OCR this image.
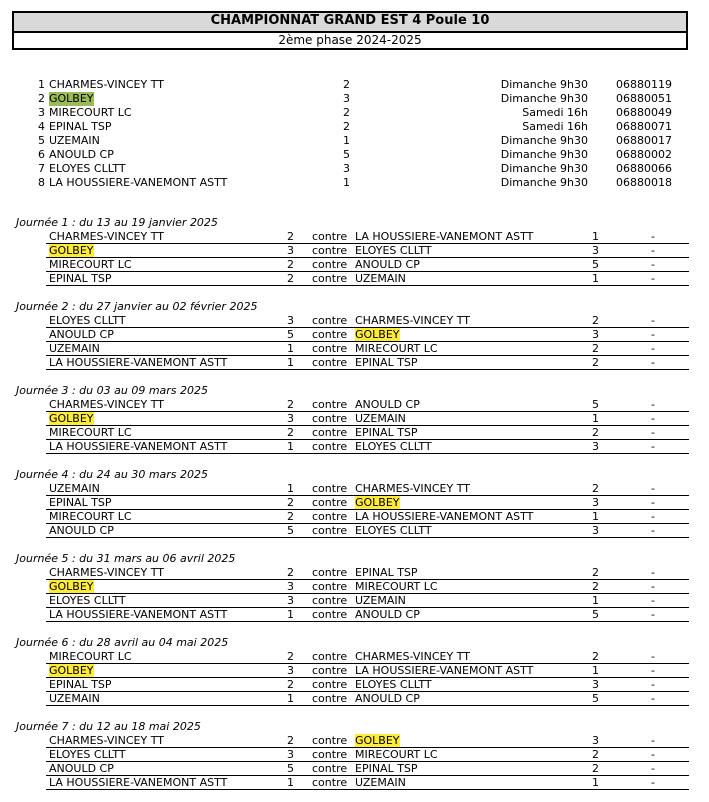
CHAMPIONNAT GRAND EST 4 Poule 10
2ème phase 2024-2025
1 CHARMES-VINCEY TT	2	Dimanche 9h30	06880119
2 GOLBEY	3	Dimanche 9h30	06880051
3 MIRECOURT LC	2	Samedi 16h	06880049
4 EPINAL TSP	2	Samedi 16h	06880071
5 UZEMAIN	1	Dimanche 9h30	06880017
6 ANOULD CP	5	Dimanche 9h30	06880002
7 ELOYES CLLTT	3	Dimanche 9h30	06880066
8 LA HOUSSIERE-VANEMONT ASTT	1	Dimanche 9h30	06880018
Journée 1 : du 13 au 19 janvier 2025
CHARMES-VINCEY TT	2 contre LA HOUSSIERE-VANEMONT ASTT	1	-
GOLBEY	3 contre ELOYES CLLTT	3	-
MIRECOURT LC	2 contre ANOULD CP	5	-
EPINAL TSP	2 contre UZEMAIN	1	-
Journée 2 : du 27 janvier au 02 février 2025
ELOYES CLLTT	3 contre CHARMES-VINCEY TT	2	-
ANOULD CP	5 contre GOLBEY	3	-
UZEMAIN	1 contre MIRECOURT LC	2	-
LA HOUSSIERE-VANEMONT ASTT	1 contre EPINAL TSP	2	-
Journée 3 : du 03 au 09 mars 2025
CHARMES-VINCEY TT	2 contre ANOULD CP	5	-
GOLBEY	3 contre UZEMAIN	1	-
MIRECOURT LC	2 contre EPINAL TSP	2	-
LA HOUSSIERE-VANEMONT ASTT	1 contre ELOYES CLLTT	3	-
Journée 4 : du 24 au 30 mars 2025
UZEMAIN	1 contre CHARMES-VINCEY TT	2	-
EPINAL TSP	2 contre GOLBEY	3	-
MIRECOURT LC	2 contre LA HOUSSIERE-VANEMONT ASTT	1	-
ANOULD CP	5 contre ELOYES CLLTT	3	-
Journée 5 : du 31 mars au 06 avril 2025
CHARMES-VINCEY TT	2 contre EPINAL TSP	2	-
GOLBEY	3 contre MIRECOURT LC	2	-
ELOYES CLLTT	3 contre UZEMAIN	1	-
LA HOUSSIERE-VANEMONT ASTT	1 contre ANOULD CP	5	-
Journée 6 : du 28 avril au 04 mai 2025
MIRECOURT LC	2 contre CHARMES-VINCEY TT	2	-
GOLBEY	3 contre LA HOUSSIERE-VANEMONT ASTT	1	-
EPINAL TSP	2 contre ELOYES CLLTT	3	-
UZEMAIN	1 contre ANOULD CP	5	-
Journée 7 : du 12 au 18 mai 2025
CHARMES-VINCEY TT	2 contre GOLBEY	3	-
ELOYES CLLTT	3 contre MIRECOURT LC	2	-
ANOULD CP	5 contre EPINAL TSP	2	-
LA HOUSSIERE-VANEMONT ASTT	1 contre UZEMAIN	1	-
